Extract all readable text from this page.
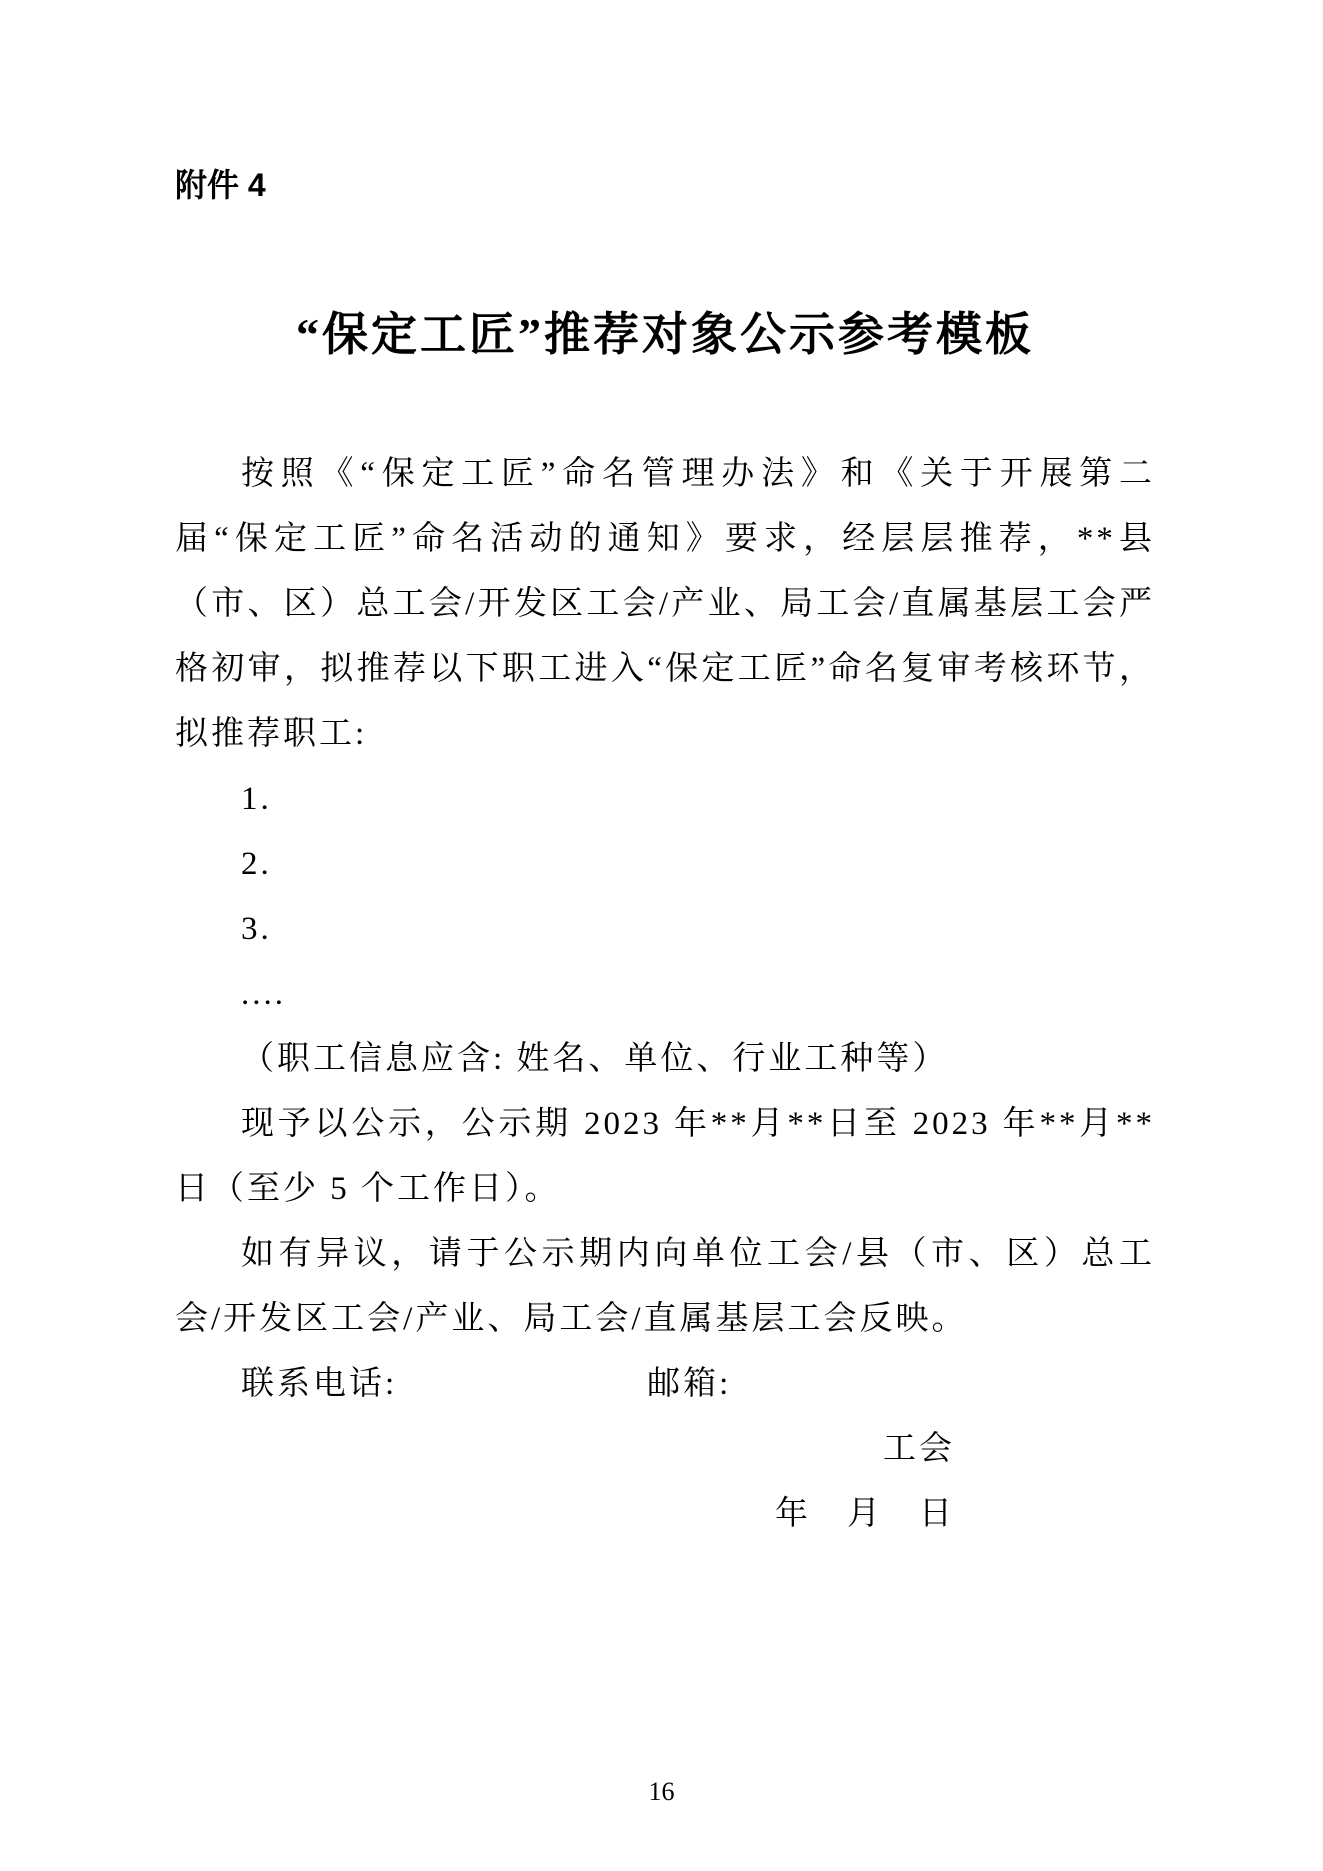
附件 4
“保定工匠”推荐对象公示参考模板

按照《“保定工匠”命名管理办法》和《关于开展第二届“保定工匠”命名活动的通知》要求，经层层推荐，**县（市、区）总工会/开发区工会/产业、局工会/直属基层工会严格初审，拟推荐以下职工进入“保定工匠”命名复审考核环节，拟推荐职工:

1.

2.

3.

....

（职工信息应含: 姓名、单位、行业工种等）

现予以公示，公示期 2023 年**月**日至 2023 年**月**日（至少 5 个工作日）。

如有异议，请于公示期内向单位工会/县（市、区）总工会/开发区工会/产业、局工会/直属基层工会反映。

联系电话:	邮箱:

工会

年　月　日

16
